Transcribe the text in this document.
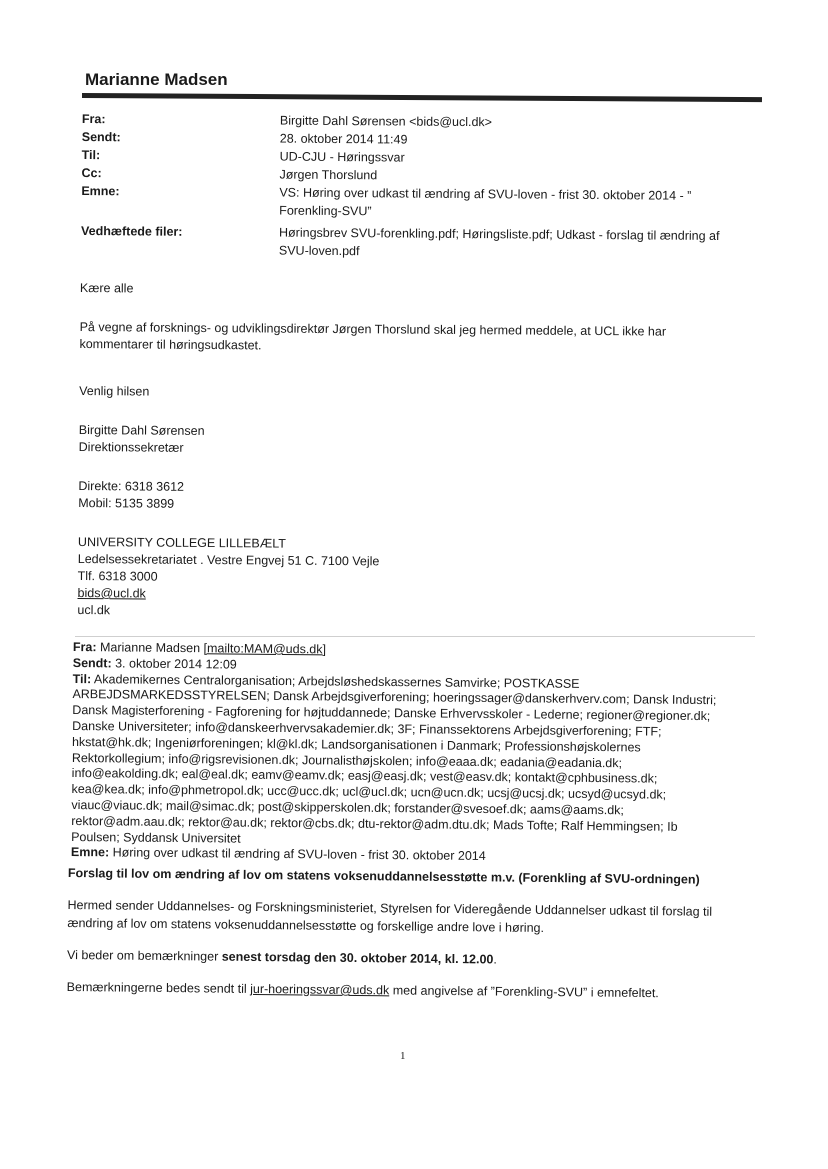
Marianne Madsen
Fra:	Birgitte Dahl Sørensen <bids@ucl.dk>
Sendt:	28. oktober 2014 11:49
Til:	UD-CJU - Høringssvar
Cc:	Jørgen Thorslund
Emne:	VS: Høring over udkast til ændring af SVU-loven - frist 30. oktober 2014 - ”
Forenkling-SVU”
Vedhæftede filer:	Høringsbrev SVU-forenkling.pdf; Høringsliste.pdf; Udkast - forslag til ændring af
SVU-loven.pdf

Kære alle

På vegne af forsknings- og udviklingsdirektør Jørgen Thorslund skal jeg hermed meddele, at UCL ikke har

kommentarer til høringsudkastet.

Venlig hilsen

Birgitte Dahl Sørensen

Direktionssekretær

Direkte: 6318 3612

Mobil: 5135 3899

UNIVERSITY COLLEGE LILLEBÆLT

Ledelsessekretariatet . Vestre Engvej 51 C. 7100 Vejle

Tlf. 6318 3000

bids@ucl.dk

ucl.dk

Fra: Marianne Madsen [mailto:MAM@uds.dk]

Sendt: 3. oktober 2014 12:09

Til: Akademikernes Centralorganisation; Arbejdsløshedskassernes Samvirke; POSTKASSE

ARBEJDSMARKEDSSTYRELSEN; Dansk Arbejdsgiverforening; hoeringssager@danskerhverv.com; Dansk Industri;

Dansk Magisterforening - Fagforening for højtuddannede; Danske Erhvervsskoler - Lederne; regioner@regioner.dk;

Danske Universiteter; info@danskeerhvervsakademier.dk; 3F; Finanssektorens Arbejdsgiverforening; FTF;

hkstat@hk.dk; Ingeniørforeningen; kl@kl.dk; Landsorganisationen i Danmark; Professionshøjskolernes

Rektorkollegium; info@rigsrevisionen.dk; Journalisthøjskolen; info@eaaa.dk; eadania@eadania.dk;

info@eakolding.dk; eal@eal.dk; eamv@eamv.dk; easj@easj.dk; vest@easv.dk; kontakt@cphbusiness.dk;

kea@kea.dk; info@phmetropol.dk; ucc@ucc.dk; ucl@ucl.dk; ucn@ucn.dk; ucsj@ucsj.dk; ucsyd@ucsyd.dk;

viauc@viauc.dk; mail@simac.dk; post@skipperskolen.dk; forstander@svesoef.dk; aams@aams.dk;

rektor@adm.aau.dk; rektor@au.dk; rektor@cbs.dk; dtu-rektor@adm.dtu.dk; Mads Tofte; Ralf Hemmingsen; Ib

Poulsen; Syddansk Universitet

Emne: Høring over udkast til ændring af SVU-loven - frist 30. oktober 2014

Forslag til lov om ændring af lov om statens voksenuddannelsesstøtte m.v. (Forenkling af SVU-ordningen)

Hermed sender Uddannelses- og Forskningsministeriet, Styrelsen for Videregående Uddannelser udkast til forslag til

ændring af lov om statens voksenuddannelsesstøtte og forskellige andre love i høring.

Vi beder om bemærkninger senest torsdag den 30. oktober 2014, kl. 12.00.

Bemærkningerne bedes sendt til jur-hoeringssvar@uds.dk med angivelse af ”Forenkling-SVU” i emnefeltet.

1
